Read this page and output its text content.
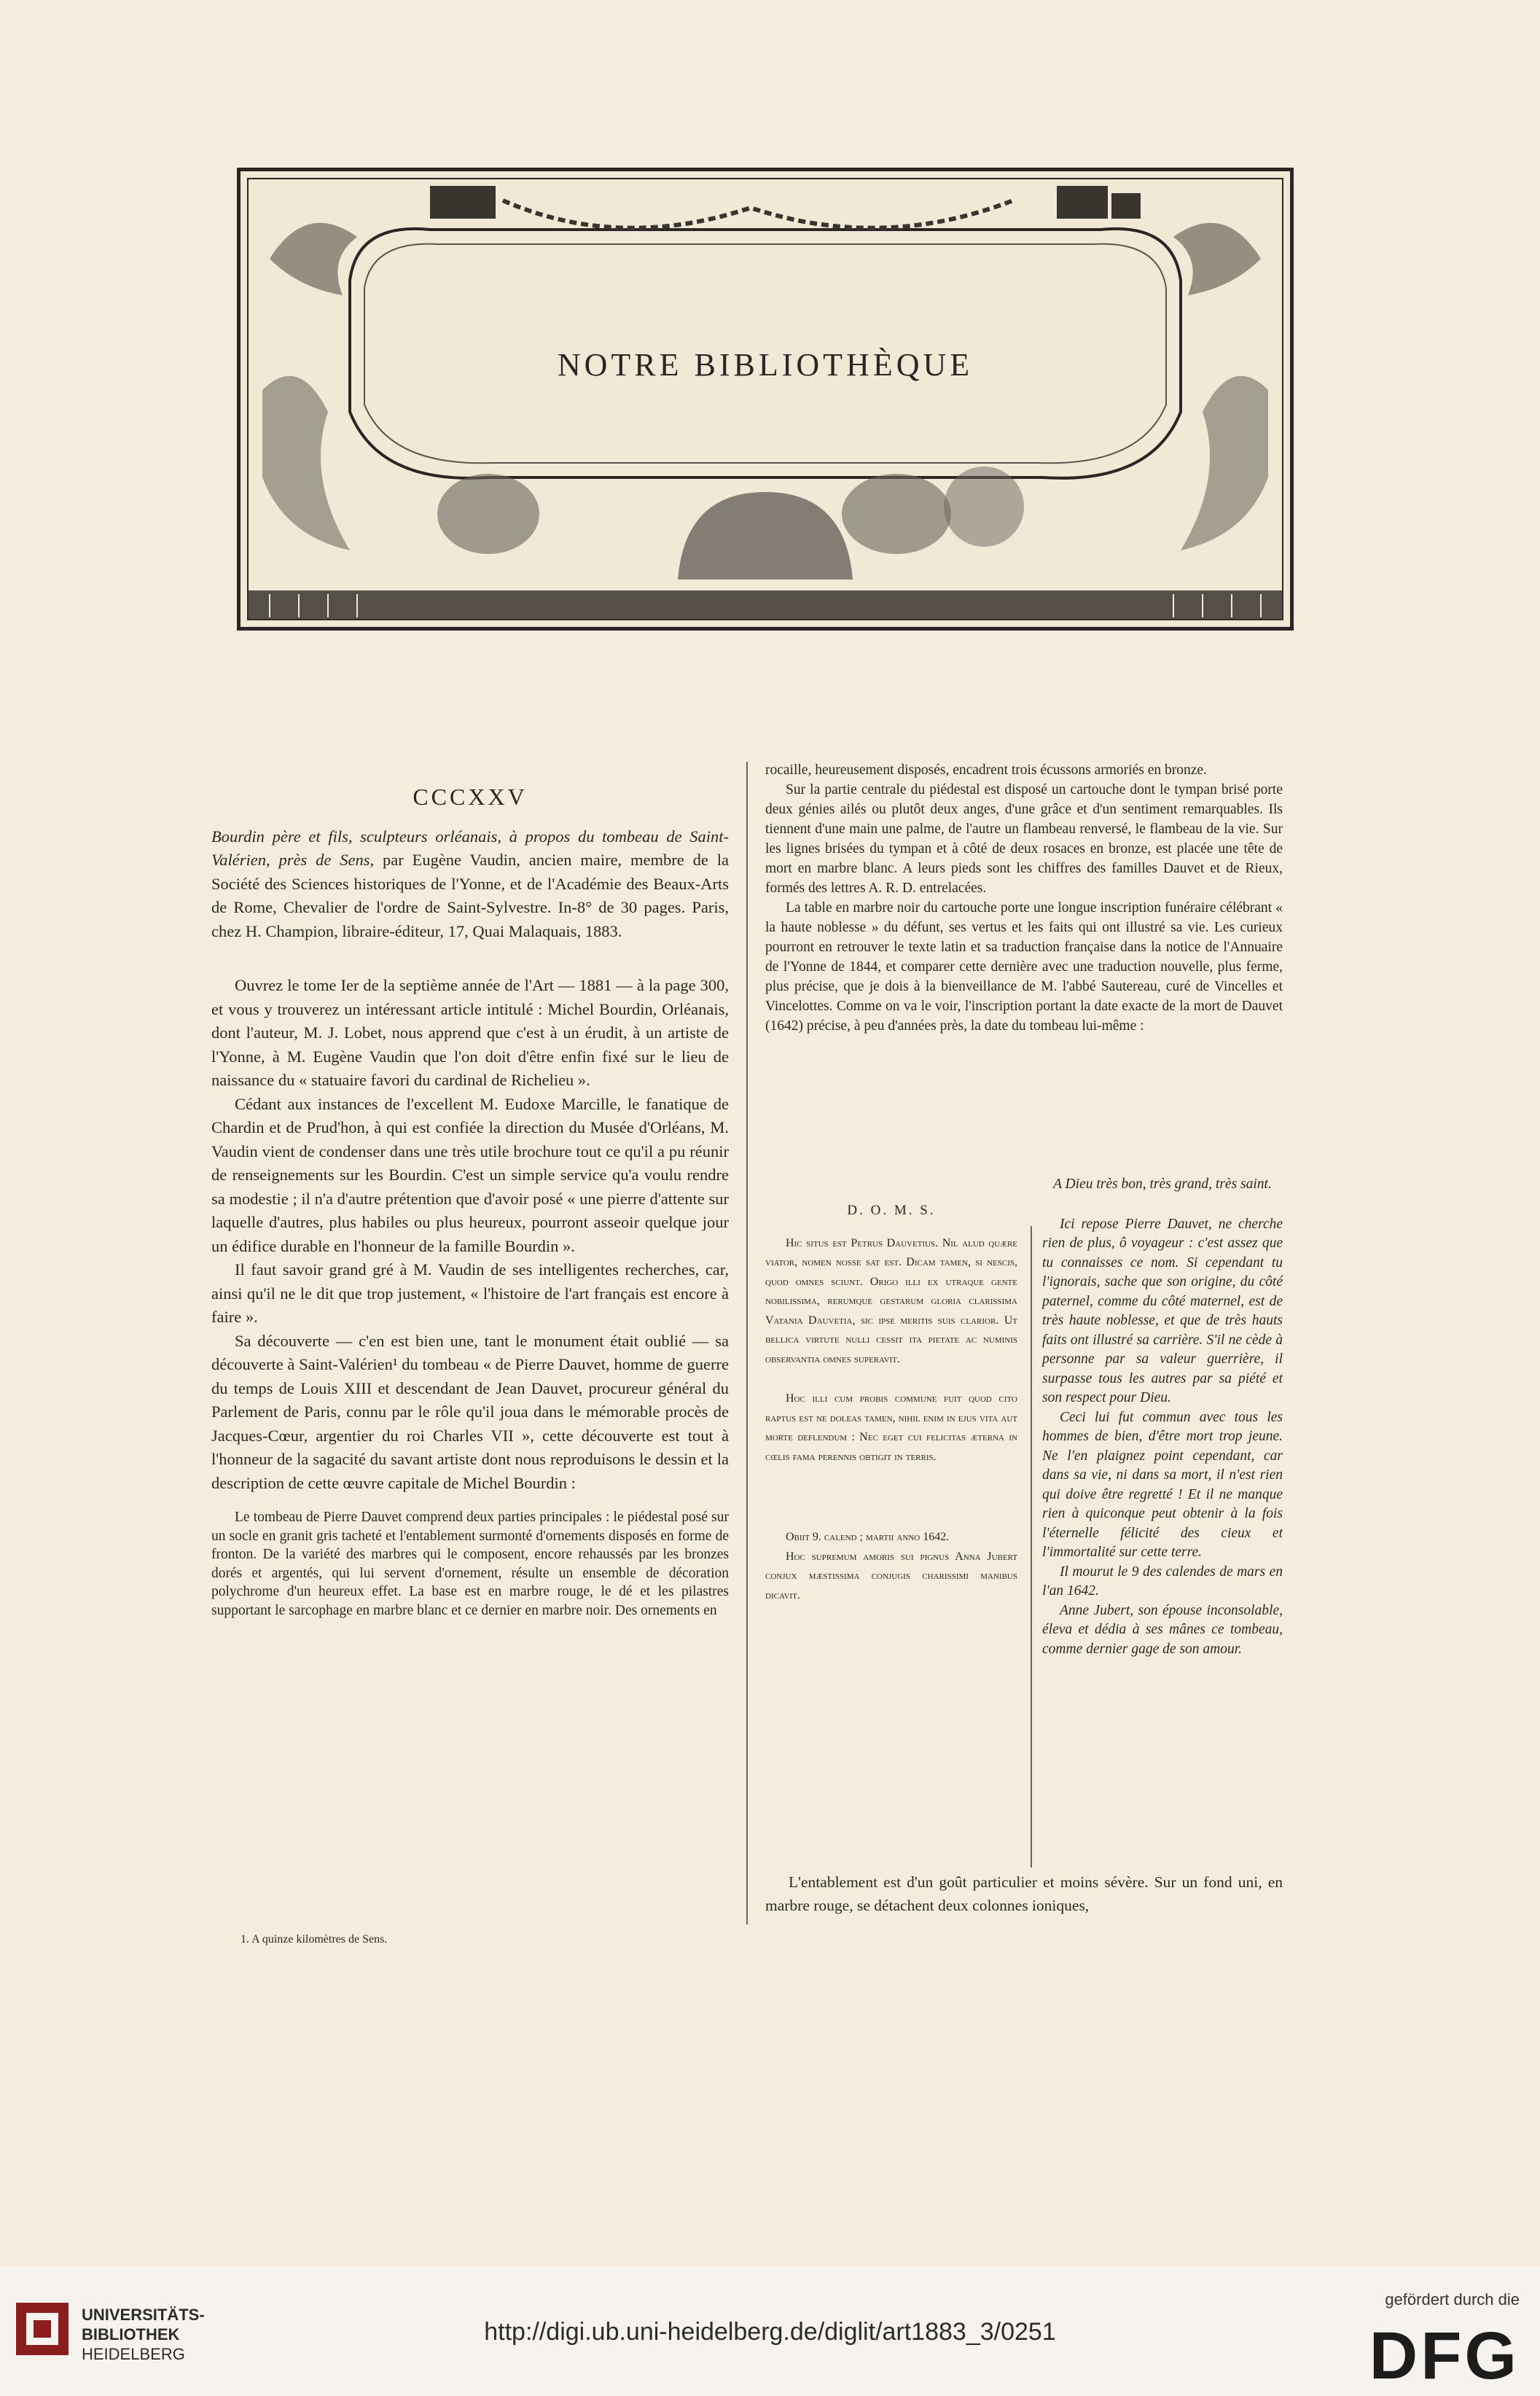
NOTRE BIBLIOTHÈQUE
CCCXXV

Bourdin père et fils, sculpteurs orléanais, à propos du tombeau de Saint-Valérien, près de Sens, par Eugène Vaudin, ancien maire, membre de la Société des Sciences historiques de l'Yonne, et de l'Académie des Beaux-Arts de Rome, Chevalier de l'ordre de Saint-Sylvestre. In-8° de 30 pages. Paris, chez H. Champion, libraire-éditeur, 17, Quai Malaquais, 1883.

Ouvrez le tome Ier de la septième année de l'Art — 1881 — à la page 300, et vous y trouverez un intéressant article intitulé : Michel Bourdin, Orléanais, dont l'auteur, M. J. Lobet, nous apprend que c'est à un érudit, à un artiste de l'Yonne, à M. Eugène Vaudin que l'on doit d'être enfin fixé sur le lieu de naissance du « statuaire favori du cardinal de Richelieu ».

Cédant aux instances de l'excellent M. Eudoxe Marcille, le fanatique de Chardin et de Prud'hon, à qui est confiée la direction du Musée d'Orléans, M. Vaudin vient de condenser dans une très utile brochure tout ce qu'il a pu réunir de renseignements sur les Bourdin. C'est un simple service qu'a voulu rendre sa modestie ; il n'a d'autre prétention que d'avoir posé « une pierre d'attente sur laquelle d'autres, plus habiles ou plus heureux, pourront asseoir quelque jour un édifice durable en l'honneur de la famille Bourdin ».

Il faut savoir grand gré à M. Vaudin de ses intelligentes recherches, car, ainsi qu'il ne le dit que trop justement, « l'histoire de l'art français est encore à faire ».

Sa découverte — c'en est bien une, tant le monument était oublié — sa découverte à Saint-Valérien¹ du tombeau « de Pierre Dauvet, homme de guerre du temps de Louis XIII et descendant de Jean Dauvet, procureur général du Parlement de Paris, connu par le rôle qu'il joua dans le mémorable procès de Jacques-Cœur, argentier du roi Charles VII », cette découverte est tout à l'honneur de la sagacité du savant artiste dont nous reproduisons le dessin et la description de cette œuvre capitale de Michel Bourdin :

Le tombeau de Pierre Dauvet comprend deux parties principales : le piédestal posé sur un socle en granit gris tacheté et l'entablement surmonté d'ornements disposés en forme de fronton. De la variété des marbres qui le composent, encore rehaussés par les bronzes dorés et argentés, qui lui servent d'ornement, résulte un ensemble de décoration polychrome d'un heureux effet. La base est en marbre rouge, le dé et les pilastres supportant le sarcophage en marbre blanc et ce dernier en marbre noir. Des ornements en

1. A quinze kilomètres de Sens.

rocaille, heureusement disposés, encadrent trois écussons armoriés en bronze.

Sur la partie centrale du piédestal est disposé un cartouche dont le tympan brisé porte deux génies ailés ou plutôt deux anges, d'une grâce et d'un sentiment remarquables. Ils tiennent d'une main une palme, de l'autre un flambeau renversé, le flambeau de la vie. Sur les lignes brisées du tympan et à côté de deux rosaces en bronze, est placée une tête de mort en marbre blanc. A leurs pieds sont les chiffres des familles Dauvet et de Rieux, formés des lettres A. R. D. entrelacées.

La table en marbre noir du cartouche porte une longue inscription funéraire célébrant « la haute noblesse » du défunt, ses vertus et les faits qui ont illustré sa vie. Les curieux pourront en retrouver le texte latin et sa traduction française dans la notice de l'Annuaire de l'Yonne de 1844, et comparer cette dernière avec une traduction nouvelle, plus ferme, plus précise, que je dois à la bienveillance de M. l'abbé Sautereau, curé de Vincelles et Vincelottes. Comme on va le voir, l'inscription portant la date exacte de la mort de Dauvet (1642) précise, à peu d'années près, la date du tombeau lui-même :

D. O. M. S.

Hic situs est Petrus Dauvetius. Nil alud quære viator, nomen nosse sat est. Dicam tamen, si nescis, quod omnes sciunt. Origo illi ex utraque gente nobilissima, rerumque gestarum gloria clarissima Vatania Dauvetia, sic ipse meritis suis clarior. Ut bellica virtute nulli cessit ita pietate ac numinis observantia omnes superavit.

Hoc illi cum probis commune fuit quod cito raptus est ne doleas tamen, nihil enim in ejus vita aut morte deflendum : Nec eget cui felicitas æterna in cœlis fama perennis obtigit in terris.

Obiit 9. calend ; martii anno 1642.

Hoc supremum amoris sui pignus Anna Jubert conjux mæstissima conjugis charissimi manibus dicavit.

A Dieu très bon, très grand, très saint.

Ici repose Pierre Dauvet, ne cherche rien de plus, ô voyageur : c'est assez que tu connaisses ce nom. Si cependant tu l'ignorais, sache que son origine, du côté paternel, comme du côté maternel, est de très haute noblesse, et que de très hauts faits ont illustré sa carrière. S'il ne cède à personne par sa valeur guerrière, il surpasse tous les autres par sa piété et son respect pour Dieu.

Ceci lui fut commun avec tous les hommes de bien, d'être mort trop jeune. Ne l'en plaignez point cependant, car dans sa vie, ni dans sa mort, il n'est rien qui doive être regretté ! Et il ne manque rien à quiconque peut obtenir à la fois l'éternelle félicité des cieux et l'immortalité sur cette terre.

Il mourut le 9 des calendes de mars en l'an 1642.

Anne Jubert, son épouse inconsolable, éleva et dédia à ses mânes ce tombeau, comme dernier gage de son amour.

L'entablement est d'un goût particulier et moins sévère. Sur un fond uni, en marbre rouge, se détachent deux colonnes ioniques,

UNIVERSITÄTS-
BIBLIOTHEK
HEIDELBERG
http://digi.ub.uni-heidelberg.de/diglit/art1883_3/0251
gefördert durch die
DFG
